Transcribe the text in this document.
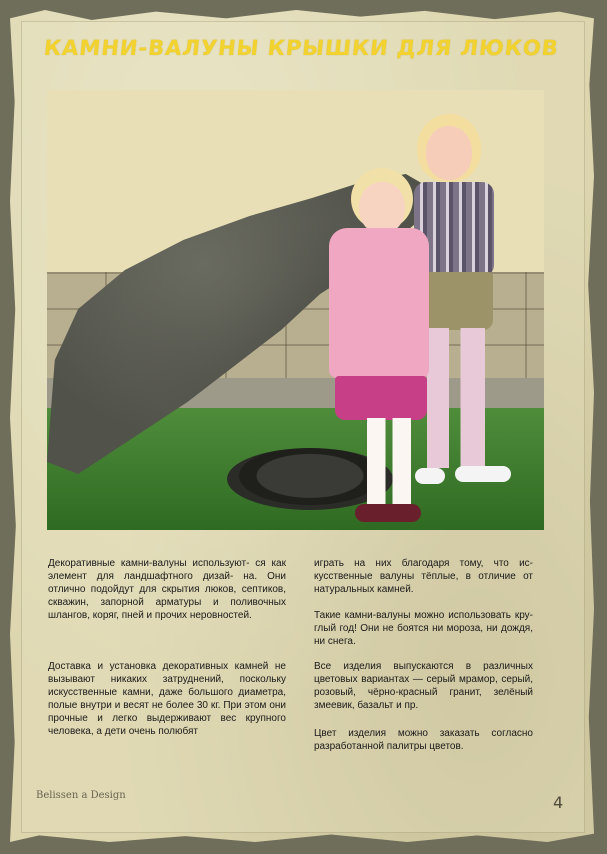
КАМНИ-ВАЛУНЫ КРЫШКИ ДЛЯ ЛЮКОВ

Декоративные камни-валуны используют- ся как элемент для ландшафтного дизай- на. Они отлично подойдут для скрытия люков, септиков, скважин, запорной арматуры и поливочных шлангов, коряг, пней и прочих неровностей.

Доставка и установка декоративных камней не вызывают никаких затруднений, поскольку искусственные камни, даже большого диаметра, полые внутри и весят не более 30 кг. При этом они прочные и легко выдерживают вес крупного человека, а дети очень полюбят

играть на них благодаря тому, что ис- кусственные валуны тёплые, в отличие от натуральных камней.

Такие камни-валуны можно использовать кру- глый год! Они не боятся ни мороза, ни дождя, ни снега.

Все изделия выпускаются в различных цветовых вариантах — серый мрамор, серый, розовый, чёрно-красный гранит, зелёный змеевик, базальт и пр.

Цвет изделия можно заказать согласно разработанной палитры цветов.

Belissen a Design	4
